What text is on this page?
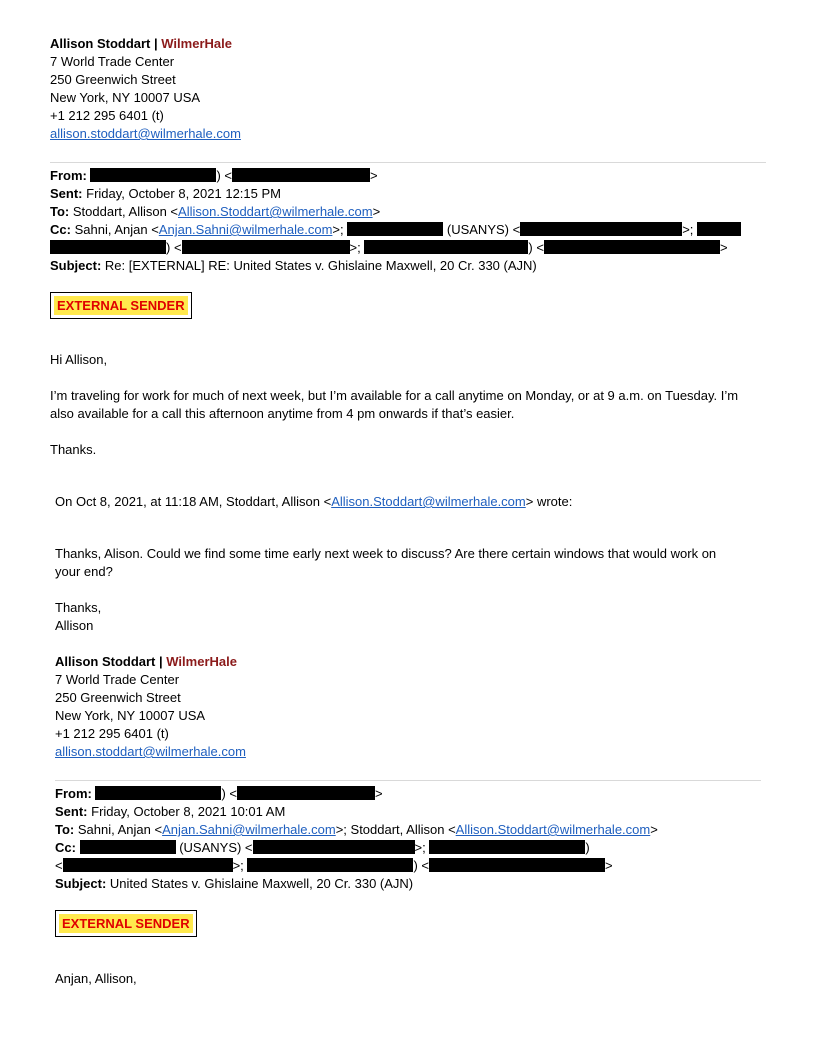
Allison Stoddart | WilmerHale
7 World Trade Center
250 Greenwich Street
New York, NY 10007 USA
+1 212 295 6401 (t)
allison.stoddart@wilmerhale.com
From:	) <	>
Sent: Friday, October 8, 2021 12:15 PM
To: Stoddart, Allison <Allison.Stoddart@wilmerhale.com>
Cc: Sahni, Anjan <Anjan.Sahni@wilmerhale.com>;	(USANYS) <	>;
) <	>;	) <	>
Subject: Re: [EXTERNAL] RE: United States v. Ghislaine Maxwell, 20 Cr. 330 (AJN)
EXTERNAL SENDER
Hi Allison,
I’m traveling for work for much of next week, but I’m available for a call anytime on Monday, or at 9 a.m. on Tuesday. I’m
also available for a call this afternoon anytime from 4 pm onwards if that’s easier.
Thanks.
On Oct 8, 2021, at 11:18 AM, Stoddart, Allison <Allison.Stoddart@wilmerhale.com> wrote:
Thanks, Alison. Could we find some time early next week to discuss? Are there certain windows that would work on
your end?
Thanks,
Allison
Allison Stoddart | WilmerHale
7 World Trade Center
250 Greenwich Street
New York, NY 10007 USA
+1 212 295 6401 (t)
allison.stoddart@wilmerhale.com
From:	) <	>
Sent: Friday, October 8, 2021 10:01 AM
To: Sahni, Anjan <Anjan.Sahni@wilmerhale.com>; Stoddart, Allison <Allison.Stoddart@wilmerhale.com>
Cc:	(USANYS) <	>;	)
<	>;	) <	>
Subject: United States v. Ghislaine Maxwell, 20 Cr. 330 (AJN)
EXTERNAL SENDER
Anjan, Allison,
